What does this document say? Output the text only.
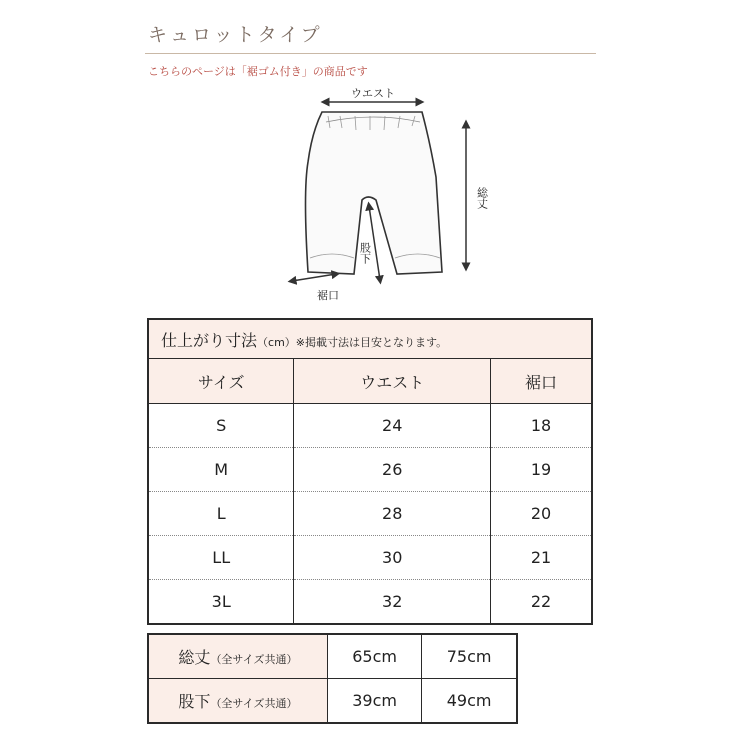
キュロットタイプ
こちらのページは「裾ゴム付き」の商品です
ウエスト
総丈
股下
裾口
仕上がり寸法（cm）※掲載寸法は目安となります。		
サイズ	ウエスト	裾口
S	24	18
M	26	19
L	28	20
LL	30	21
3L	32	22
総丈（全サイズ共通）	65cm	75cm
股下（全サイズ共通）	39cm	49cm
